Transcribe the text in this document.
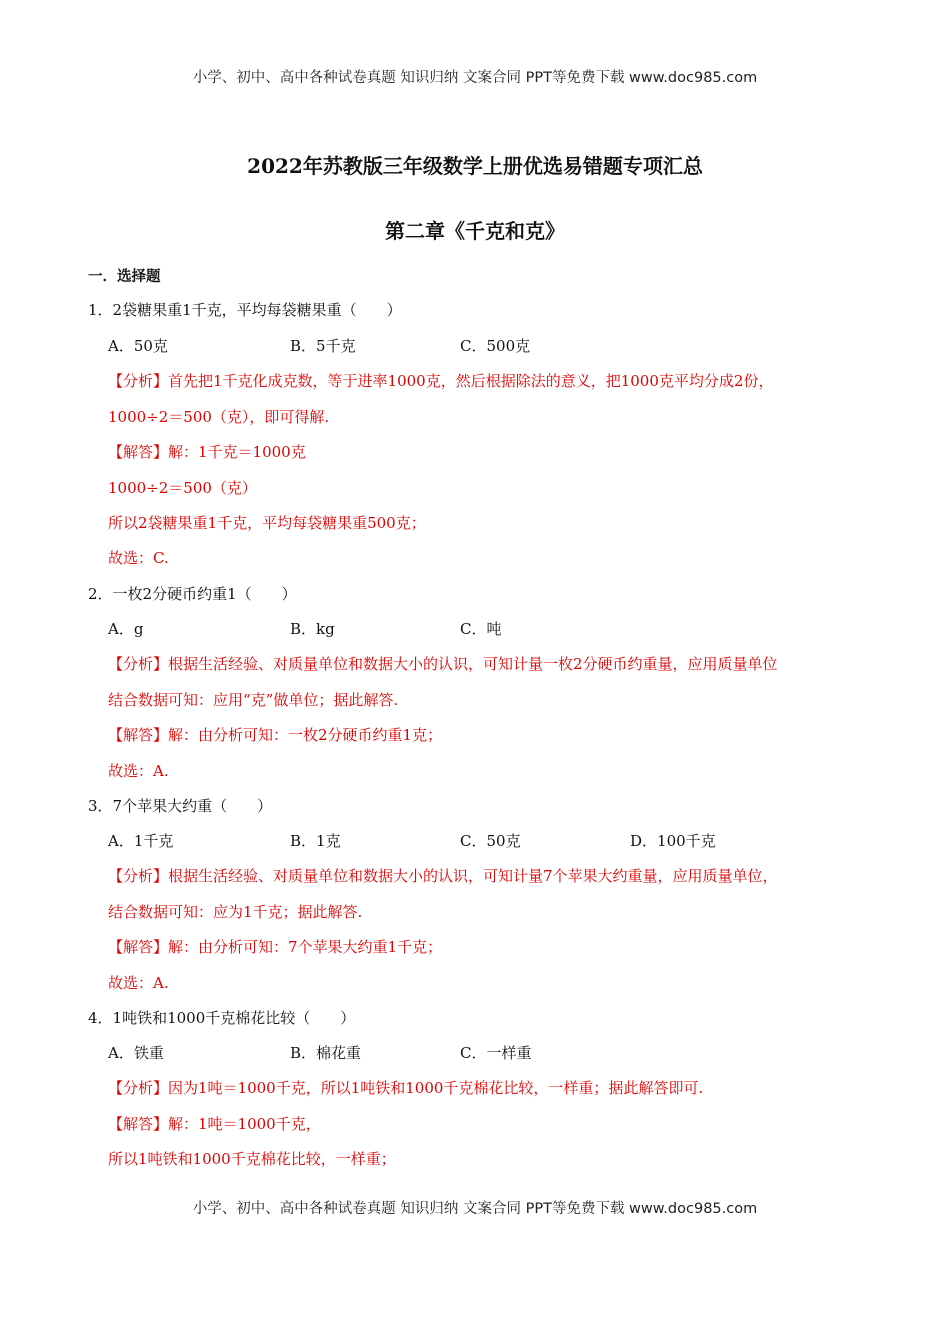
小学、初中、高中各种试卷真题 知识归纳 文案合同 PPT等免费下载 www.doc985.com
2022年苏教版三年级数学上册优选易错题专项汇总
第二章《千克和克》
一．选择题
1．2袋糖果重1千克，平均每袋糖果重（　　）
A．50克	B．5千克	C．500克
【分析】首先把1千克化成克数，等于进率1000克，然后根据除法的意义，把1000克平均分成2份，
1000÷2＝500（克），即可得解.
【解答】解：1千克＝1000克
1000÷2＝500（克）
所以2袋糖果重1千克，平均每袋糖果重500克；
故选：C.
2．一枚2分硬币约重1（　　）
A．g	B．kg	C．吨
【分析】根据生活经验、对质量单位和数据大小的认识，可知计量一枚2分硬币约重量，应用质量单位
结合数据可知：应用“克”做单位；据此解答.
【解答】解：由分析可知：一枚2分硬币约重1克；
故选：A.
3．7个苹果大约重（　　）
A．1千克	B．1克	C．50克	D．100千克
【分析】根据生活经验、对质量单位和数据大小的认识，可知计量7个苹果大约重量，应用质量单位，
结合数据可知：应为1千克；据此解答.
【解答】解：由分析可知：7个苹果大约重1千克；
故选：A.
4．1吨铁和1000千克棉花比较（　　）
A．铁重	B．棉花重	C．一样重
【分析】因为1吨＝1000千克，所以1吨铁和1000千克棉花比较，一样重；据此解答即可.
【解答】解：1吨＝1000千克，
所以1吨铁和1000千克棉花比较，一样重；
小学、初中、高中各种试卷真题 知识归纳 文案合同 PPT等免费下载 www.doc985.com
